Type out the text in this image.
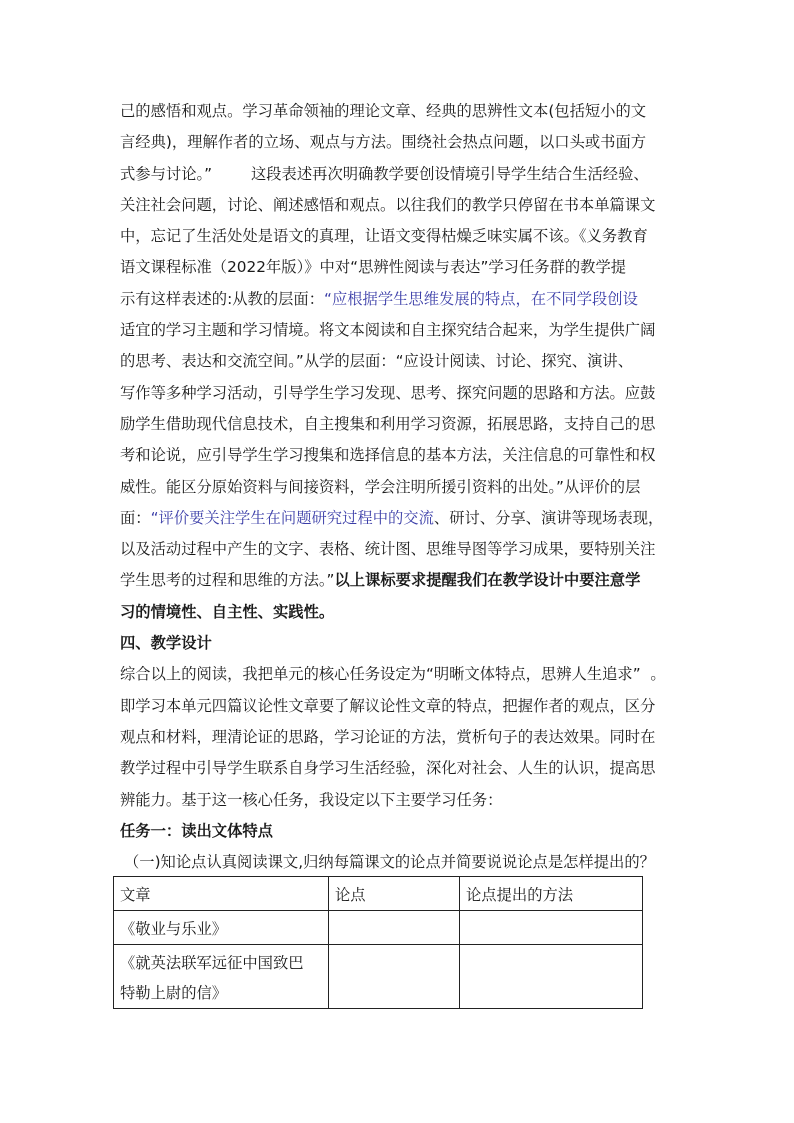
己的感悟和观点。学习革命领袖的理论文章、经典的思辨性文本(包括短小的文
言经典)，理解作者的立场、观点与方法。围绕社会热点问题，以口头或书面方
式参与讨论。”        这段表述再次明确教学要创设情境引导学生结合生活经验、
关注社会问题，讨论、阐述感悟和观点。以往我们的教学只停留在书本单篇课文
中，忘记了生活处处是语文的真理，让语文变得枯燥乏味实属不该。《义务教育
语文课程标准（2022年版）》中对“思辨性阅读与表达”学习任务群的教学提
示有这样表述的:从教的层面：“应根据学生思维发展的特点，在不同学段创设
适宜的学习主题和学习情境。将文本阅读和自主探究结合起来，为学生提供广阔
的思考、表达和交流空间。”从学的层面：“应设计阅读、讨论、探究、演讲、
写作等多种学习活动，引导学生学习发现、思考、探究问题的思路和方法。应鼓
励学生借助现代信息技术，自主搜集和利用学习资源，拓展思路，支持自己的思
考和论说，应引导学生学习搜集和选择信息的基本方法，关注信息的可靠性和权
威性。能区分原始资料与间接资料，学会注明所援引资料的出处。”从评价的层
面：“评价要关注学生在问题研究过程中的交流、研讨、分享、演讲等现场表现，
以及活动过程中产生的文字、表格、统计图、思维导图等学习成果，要特别关注
学生思考的过程和思维的方法。”以上课标要求提醒我们在教学设计中要注意学
习的情境性、自主性、实践性。
四、教学设计
综合以上的阅读，我把单元的核心任务设定为“明晰文体特点，思辨人生追求”  。
即学习本单元四篇议论性文章要了解议论性文章的特点，把握作者的观点，区分
观点和材料，理清论证的思路，学习论证的方法，赏析句子的表达效果。同时在
教学过程中引导学生联系自身学习生活经验，深化对社会、人生的认识，提高思
辨能力。基于这一核心任务，我设定以下主要学习任务：
任务一：读出文体特点
（一)知论点认真阅读课文,归纳每篇课文的论点并简要说说论点是怎样提出的？
文章	论点	论点提出的方法
《敬业与乐业》		
《就英法联军远征中国致巴
特勒上尉的信》		
